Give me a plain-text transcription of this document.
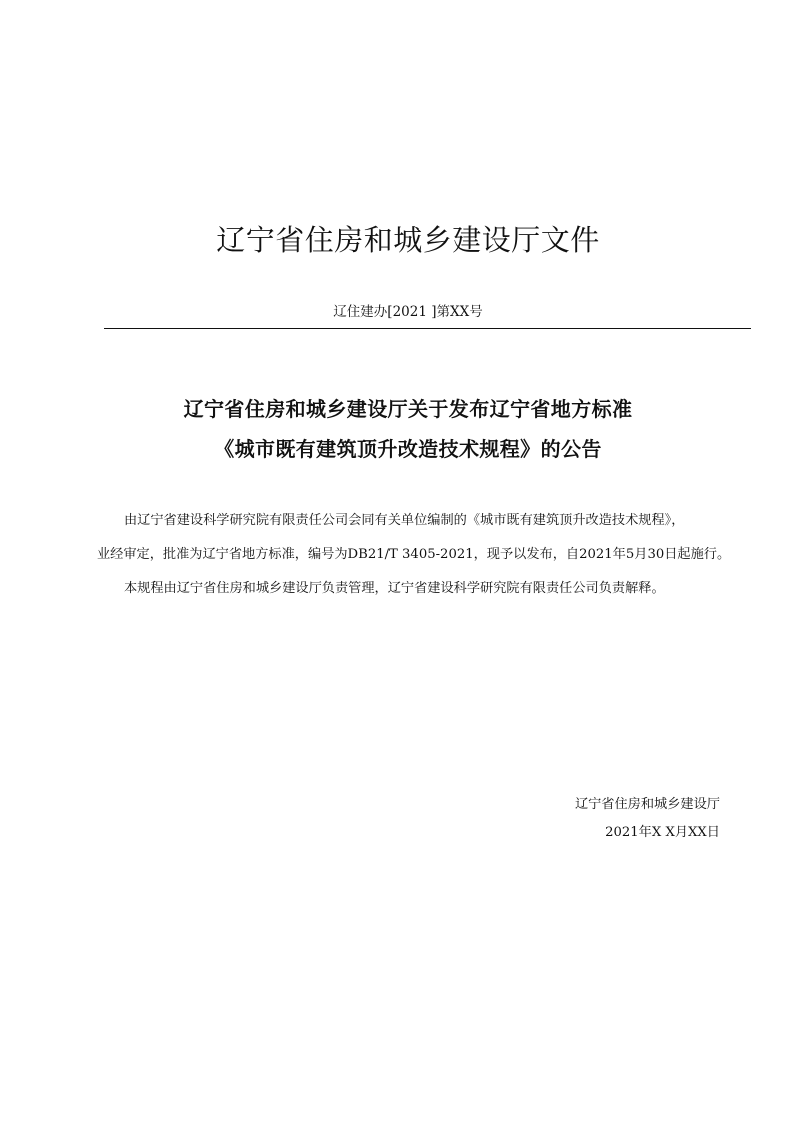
辽宁省住房和城乡建设厅文件
辽住建办[2021 ]第XX号
辽宁省住房和城乡建设厅关于发布辽宁省地方标准
《城市既有建筑顶升改造技术规程》的公告
由辽宁省建设科学研究院有限责任公司会同有关单位编制的《城市既有建筑顶升改造技术规程》，
业经审定，批准为辽宁省地方标准，编号为DB21/T 3405-2021，现予以发布，自2021年5月30日起施行。
本规程由辽宁省住房和城乡建设厅负责管理，辽宁省建设科学研究院有限责任公司负责解释。
辽宁省住房和城乡建设厅
2021年X X月XX日
